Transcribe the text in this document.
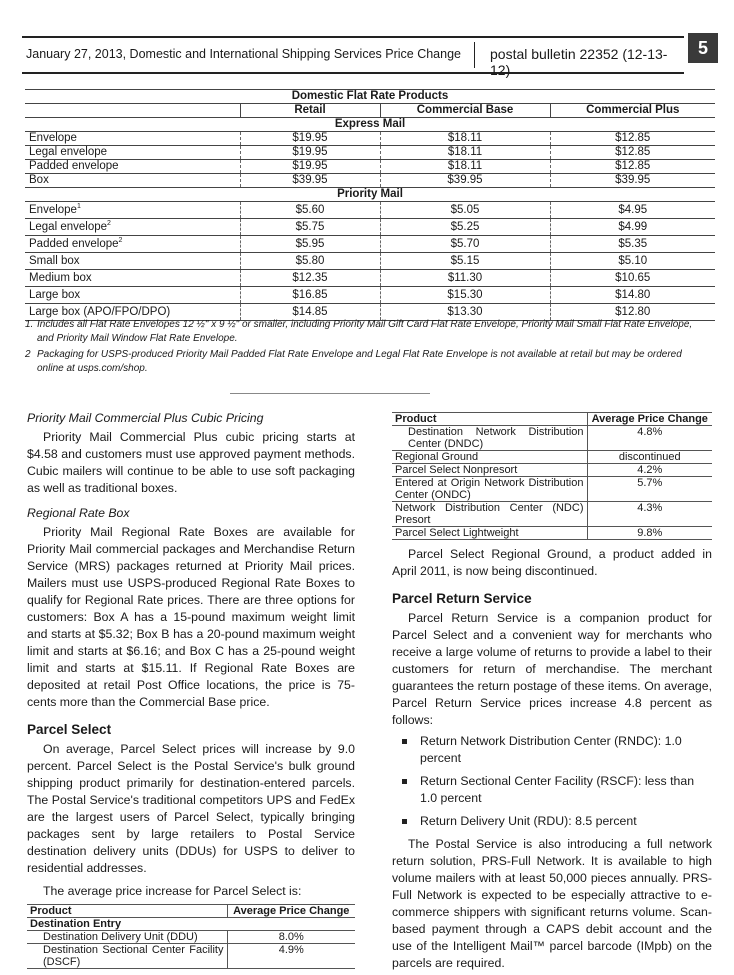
January 27, 2013, Domestic and International Shipping Services Price Change postal bulletin 22352 (12-13-12)
5
Domestic Flat Rate Products			
	Retail	Commercial Base	Commercial Plus
Express Mail			
Envelope	$19.95	$18.11	$12.85
Legal envelope	$19.95	$18.11	$12.85
Padded envelope	$19.95	$18.11	$12.85
Box	$39.95	$39.95	$39.95
Priority Mail			
Envelope$^1$	$5.60	$5.05	$4.95
Legal envelope$^2$	$5.75	$5.25	$4.99
Padded envelope$^2$	$5.95	$5.70	$5.35
Small box	$5.80	$5.15	$5.10
Medium box	$12.35	$11.30	$10.65
Large box	$16.85	$15.30	$14.80
Large box (APO/FPO/DPO)	$14.85	$13.30	$12.80
1. Includes all Flat Rate Envelopes 12 ½" x 9 ½" or smaller, including Priority Mail Gift Card Flat Rate Envelope, Priority Mail Small Flat Rate Envelope,
and Priority Mail Window Flat Rate Envelope.
2 Packaging for USPS-produced Priority Mail Padded Flat Rate Envelope and Legal Flat Rate Envelope is not available at retail but may be ordered
online at usps.com/shop.
Priority Mail Commercial Plus Cubic Pricing

Priority Mail Commercial Plus cubic pricing starts at $4.58 and customers must use approved payment methods. Cubic mailers will continue to be able to use soft packaging as well as traditional boxes.

Regional Rate Box

Priority Mail Regional Rate Boxes are available for Priority Mail commercial packages and Merchandise Return Service (MRS) packages returned at Priority Mail prices. Mailers must use USPS-produced Regional Rate Boxes to qualify for Regional Rate prices. There are three options for customers: Box A has a 15-pound maximum weight limit and starts at $5.32; Box B has a 20-pound maximum weight limit and starts at $6.16; and Box C has a 25-pound weight limit and starts at $15.11. If Regional Rate Boxes are deposited at retail Post Office locations, the price is 75-cents more than the Commercial Base price.

Parcel Select

On average, Parcel Select prices will increase by 9.0 percent. Parcel Select is the Postal Service's bulk ground shipping product primarily for destination-entered parcels. The Postal Service's traditional competitors UPS and FedEx are the largest users of Parcel Select, typically bringing packages sent by large retailers to Postal Service destination delivery units (DDUs) for USPS to deliver to residential addresses.

The average price increase for Parcel Select is:

Product	Average Price Change
Destination Entry	
Destination Delivery Unit (DDU)	8.0%
Destination Sectional Center Facility (DSCF)	4.9%
Product	Average Price Change
Destination Network Distribution Center (DNDC)	4.8%
Regional Ground	discontinued
Parcel Select Nonpresort	4.2%
Entered at Origin Network Distribution Center (ONDC)	5.7%
Network Distribution Center (NDC) Presort	4.3%
Parcel Select Lightweight	9.8%

Parcel Select Regional Ground, a product added in April 2011, is now being discontinued.

Parcel Return Service

Parcel Return Service is a companion product for Parcel Select and a convenient way for merchants who receive a large volume of returns to provide a label to their customers for return of merchandise. The merchant guarantees the return postage of these items. On average, Parcel Return Service prices increase 4.8 percent as follows:

Return Network Distribution Center (RNDC): 1.0 percent
Return Sectional Center Facility (RSCF): less than 1.0 percent
Return Delivery Unit (RDU): 8.5 percent

The Postal Service is also introducing a full network return solution, PRS-Full Network. It is available to high volume mailers with at least 50,000 pieces annually. PRS-Full Network is expected to be especially attractive to e-commerce shippers with significant returns volume. Scan-based payment through a CAPS debit account and the use of the Intelligent Mail™ parcel barcode (IMpb) on the parcels are required.
